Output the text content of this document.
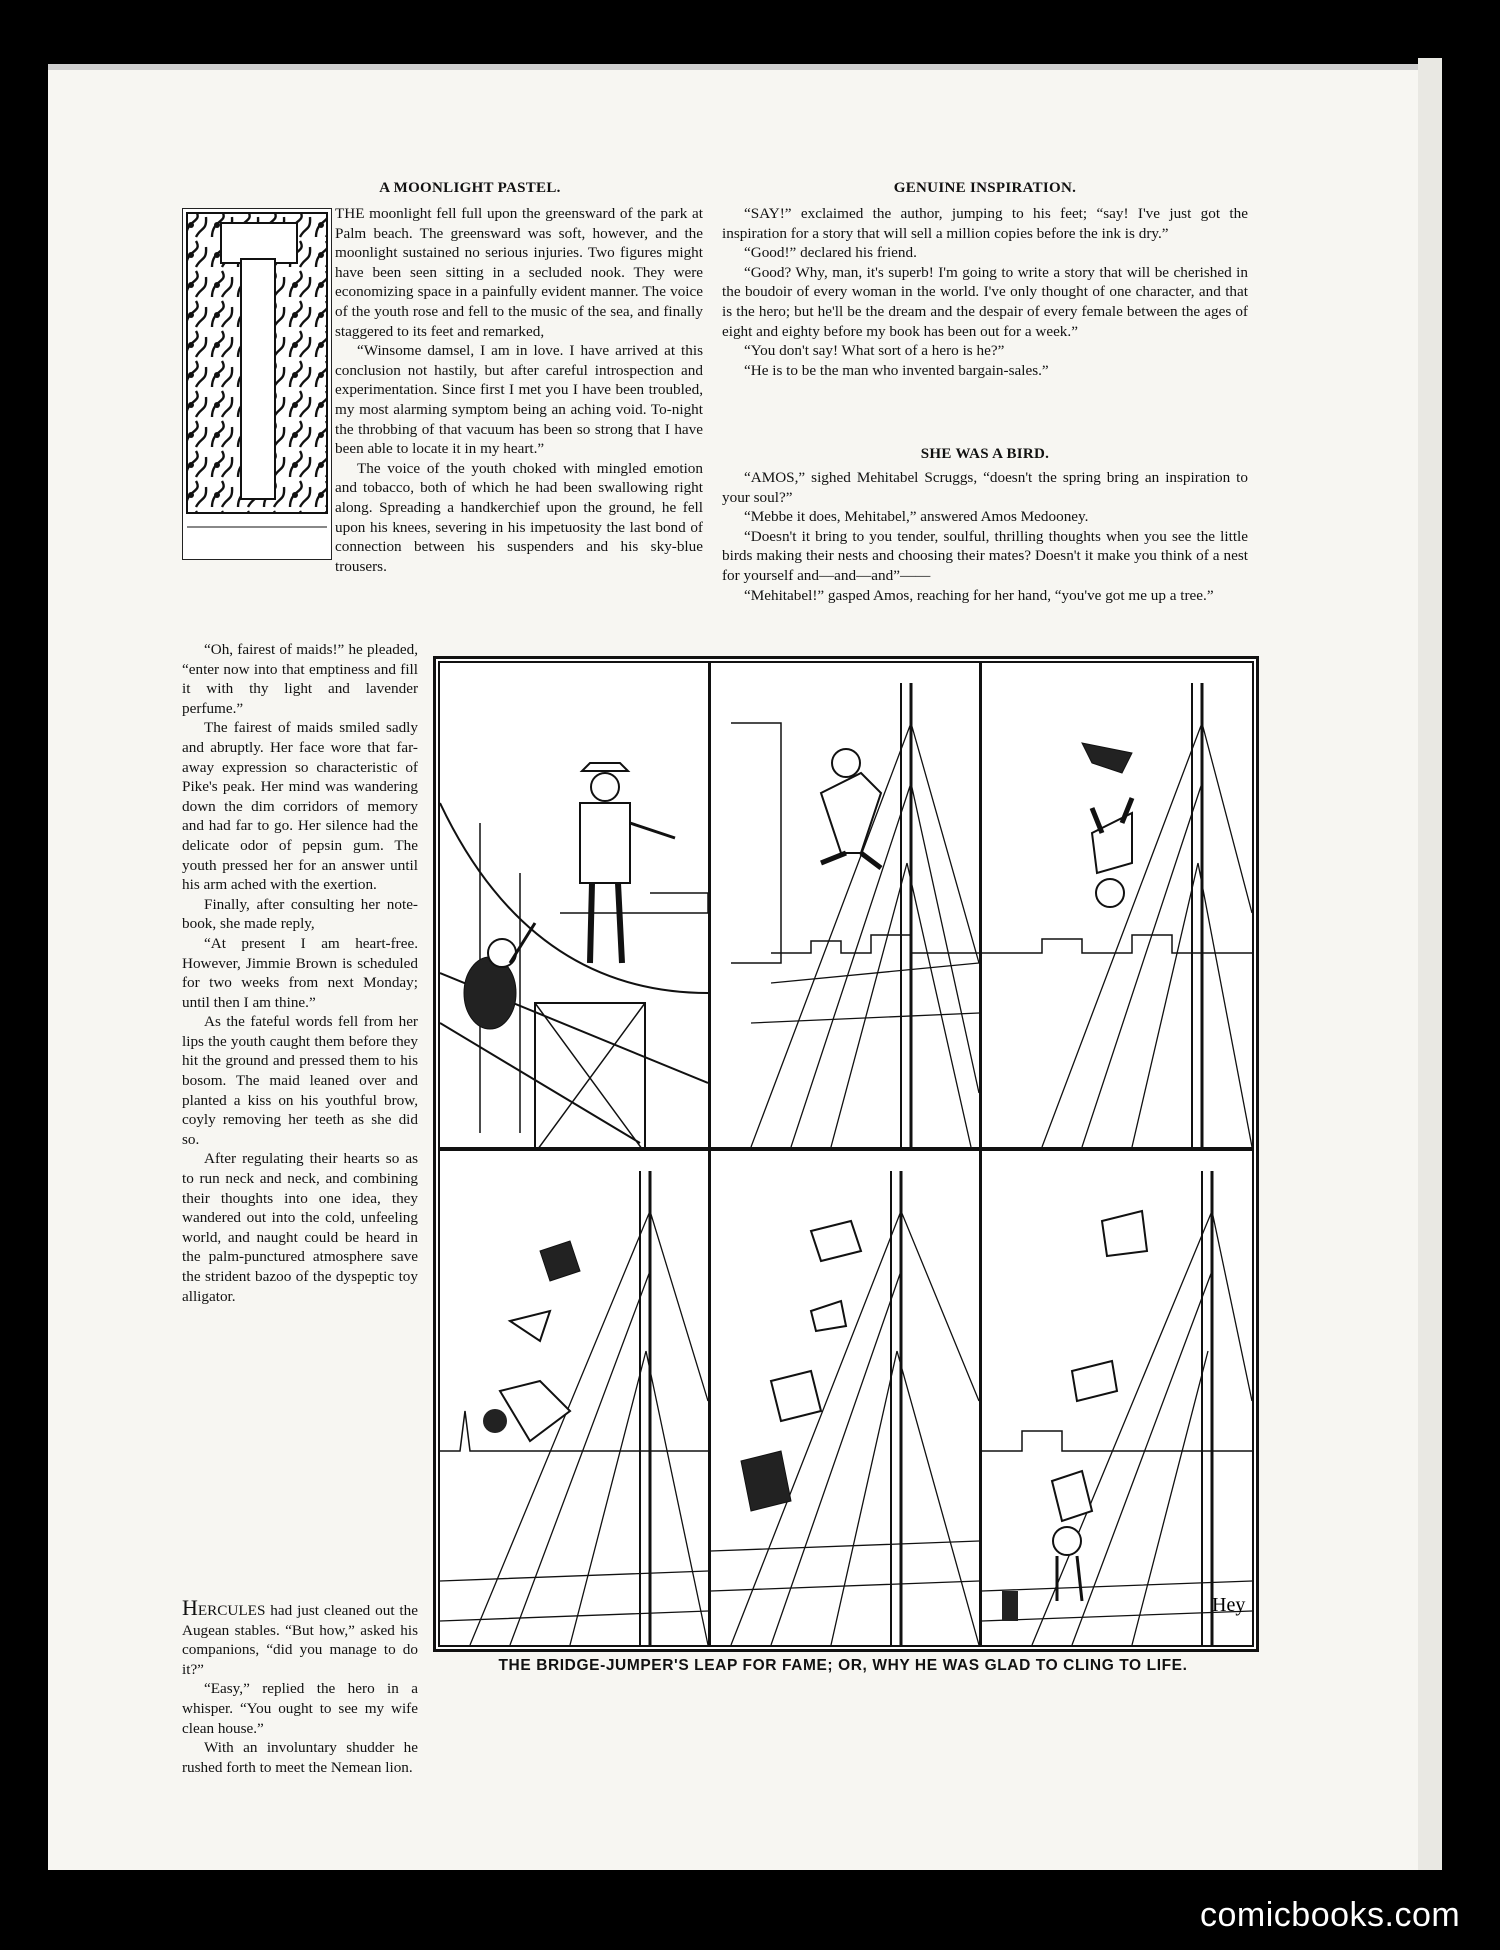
A MOONLIGHT PASTEL.

THE moonlight fell full upon the greensward of the park at Palm beach. The greensward was soft, however, and the moonlight sustained no serious injuries. Two figures might have been seen sitting in a secluded nook. They were economizing space in a painfully evident manner. The voice of the youth rose and fell to the music of the sea, and finally staggered to its feet and remarked,

“Winsome damsel, I am in love. I have arrived at this conclusion not hastily, but after careful introspection and experimentation. Since first I met you I have been troubled, my most alarming symptom being an aching void. To-night the throbbing of that vacuum has been so strong that I have been able to locate it in my heart.”

The voice of the youth choked with mingled emotion and tobacco, both of which he had been swallowing right along. Spreading a handkerchief upon the ground, he fell upon his knees, severing in his impetuosity the last bond of connection between his suspenders and his sky-blue trousers.

“Oh, fairest of maids!” he pleaded, “enter now into that emptiness and fill it with thy light and lavender perfume.”

The fairest of maids smiled sadly and abruptly. Her face wore that far-away expression so characteristic of Pike's peak. Her mind was wandering down the dim corridors of memory and had far to go. Her silence had the delicate odor of pepsin gum. The youth pressed her for an answer until his arm ached with the exertion.

Finally, after consulting her note-book, she made reply,

“At present I am heart-free. However, Jimmie Brown is scheduled for two weeks from next Monday; until then I am thine.”

As the fateful words fell from her lips the youth caught them before they hit the ground and pressed them to his bosom. The maid leaned over and planted a kiss on his youthful brow, coyly removing her teeth as she did so.

After regulating their hearts so as to run neck and neck, and combining their thoughts into one idea, they wandered out into the cold, unfeeling world, and naught could be heard in the palm-punctured atmosphere save the strident bazoo of the dyspeptic toy alligator.

HERCULES had just cleaned out the Augean stables. “But how,” asked his companions, “did you manage to do it?”

“Easy,” replied the hero in a whisper. “You ought to see my wife clean house.”

With an involuntary shudder he rushed forth to meet the Nemean lion.

GENUINE INSPIRATION.

“SAY!” exclaimed the author, jumping to his feet; “say! I've just got the inspiration for a story that will sell a million copies before the ink is dry.”

“Good!” declared his friend.

“Good? Why, man, it's superb! I'm going to write a story that will be cherished in the boudoir of every woman in the world. I've only thought of one character, and that is the hero; but he'll be the dream and the despair of every female between the ages of eight and eighty before my book has been out for a week.”

“You don't say! What sort of a hero is he?”

“He is to be the man who invented bargain-sales.”

SHE WAS A BIRD.

“AMOS,” sighed Mehitabel Scruggs, “doesn't the spring bring an inspiration to your soul?”

“Mebbe it does, Mehitabel,” answered Amos Medooney.

“Doesn't it bring to you tender, soulful, thrilling thoughts when you see the little birds making their nests and choosing their mates? Doesn't it make you think of a nest for yourself and—and—and”——

“Mehitabel!” gasped Amos, reaching for her hand, “you've got me up a tree.”

Hey
THE BRIDGE-JUMPER'S LEAP FOR FAME; OR, WHY HE WAS GLAD TO CLING TO LIFE.
comicbooks.com
